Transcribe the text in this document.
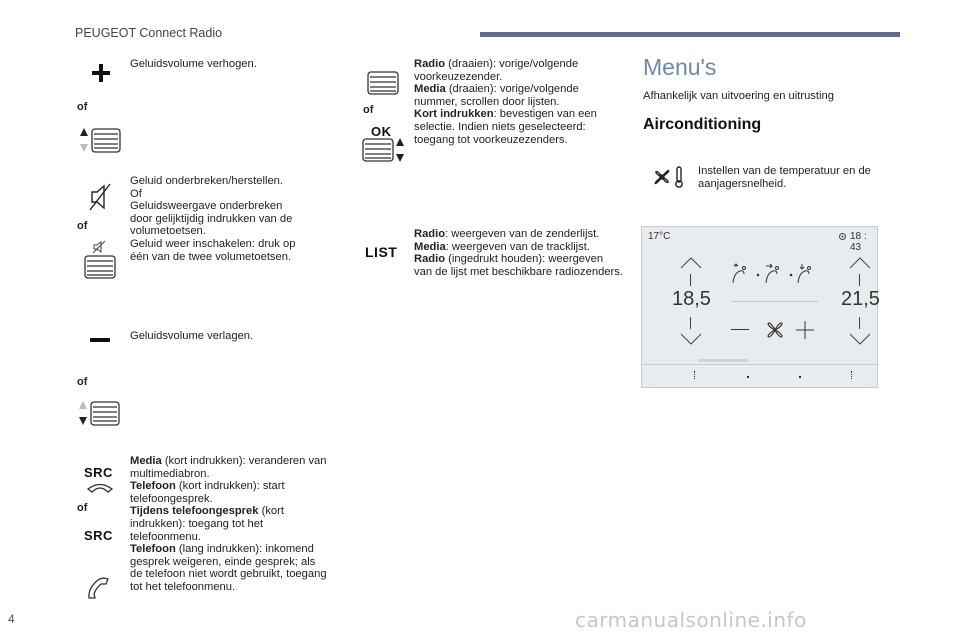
PEUGEOT Connect Radio
Geluidsvolume verhogen.
of

Geluid onderbreken/herstellen.

Of

Geluidsweergave onderbreken

door gelijktijdig indrukken van de

volumetoetsen.

Geluid weer inschakelen: druk op

één van de twee volumetoetsen.

of
Geluidsvolume verlagen.
of
SRC
of
SRC

Media (kort indrukken): veranderen van multimediabron.

Telefoon (kort indrukken): start telefoongesprek.

Tijdens telefoongesprek (kort indrukken): toegang tot het telefoonmenu.

Telefoon (lang indrukken): inkomend gesprek weigeren, einde gesprek; als de telefoon niet wordt gebruikt, toegang tot het telefoonmenu.

of
OK

Radio (draaien): vorige/volgende voorkeuzezender.

Media (draaien): vorige/volgende nummer, scrollen door lijsten.

Kort indrukken: bevestigen van een selectie. Indien niets geselecteerd: toegang tot voorkeuzezenders.

LIST

Radio: weergeven van de zenderlijst.

Media: weergeven van de tracklijst.

Radio (ingedrukt houden): weergeven van de lijst met beschikbare radiozenders.

Menu's
Afhankelijk van uitvoering en uitrusting
Airconditioning
Instellen van de temperatuur en de aanjagersnelheid.
17°C	18 : 43
18,5	21,5
4	carmanualsonline.info
